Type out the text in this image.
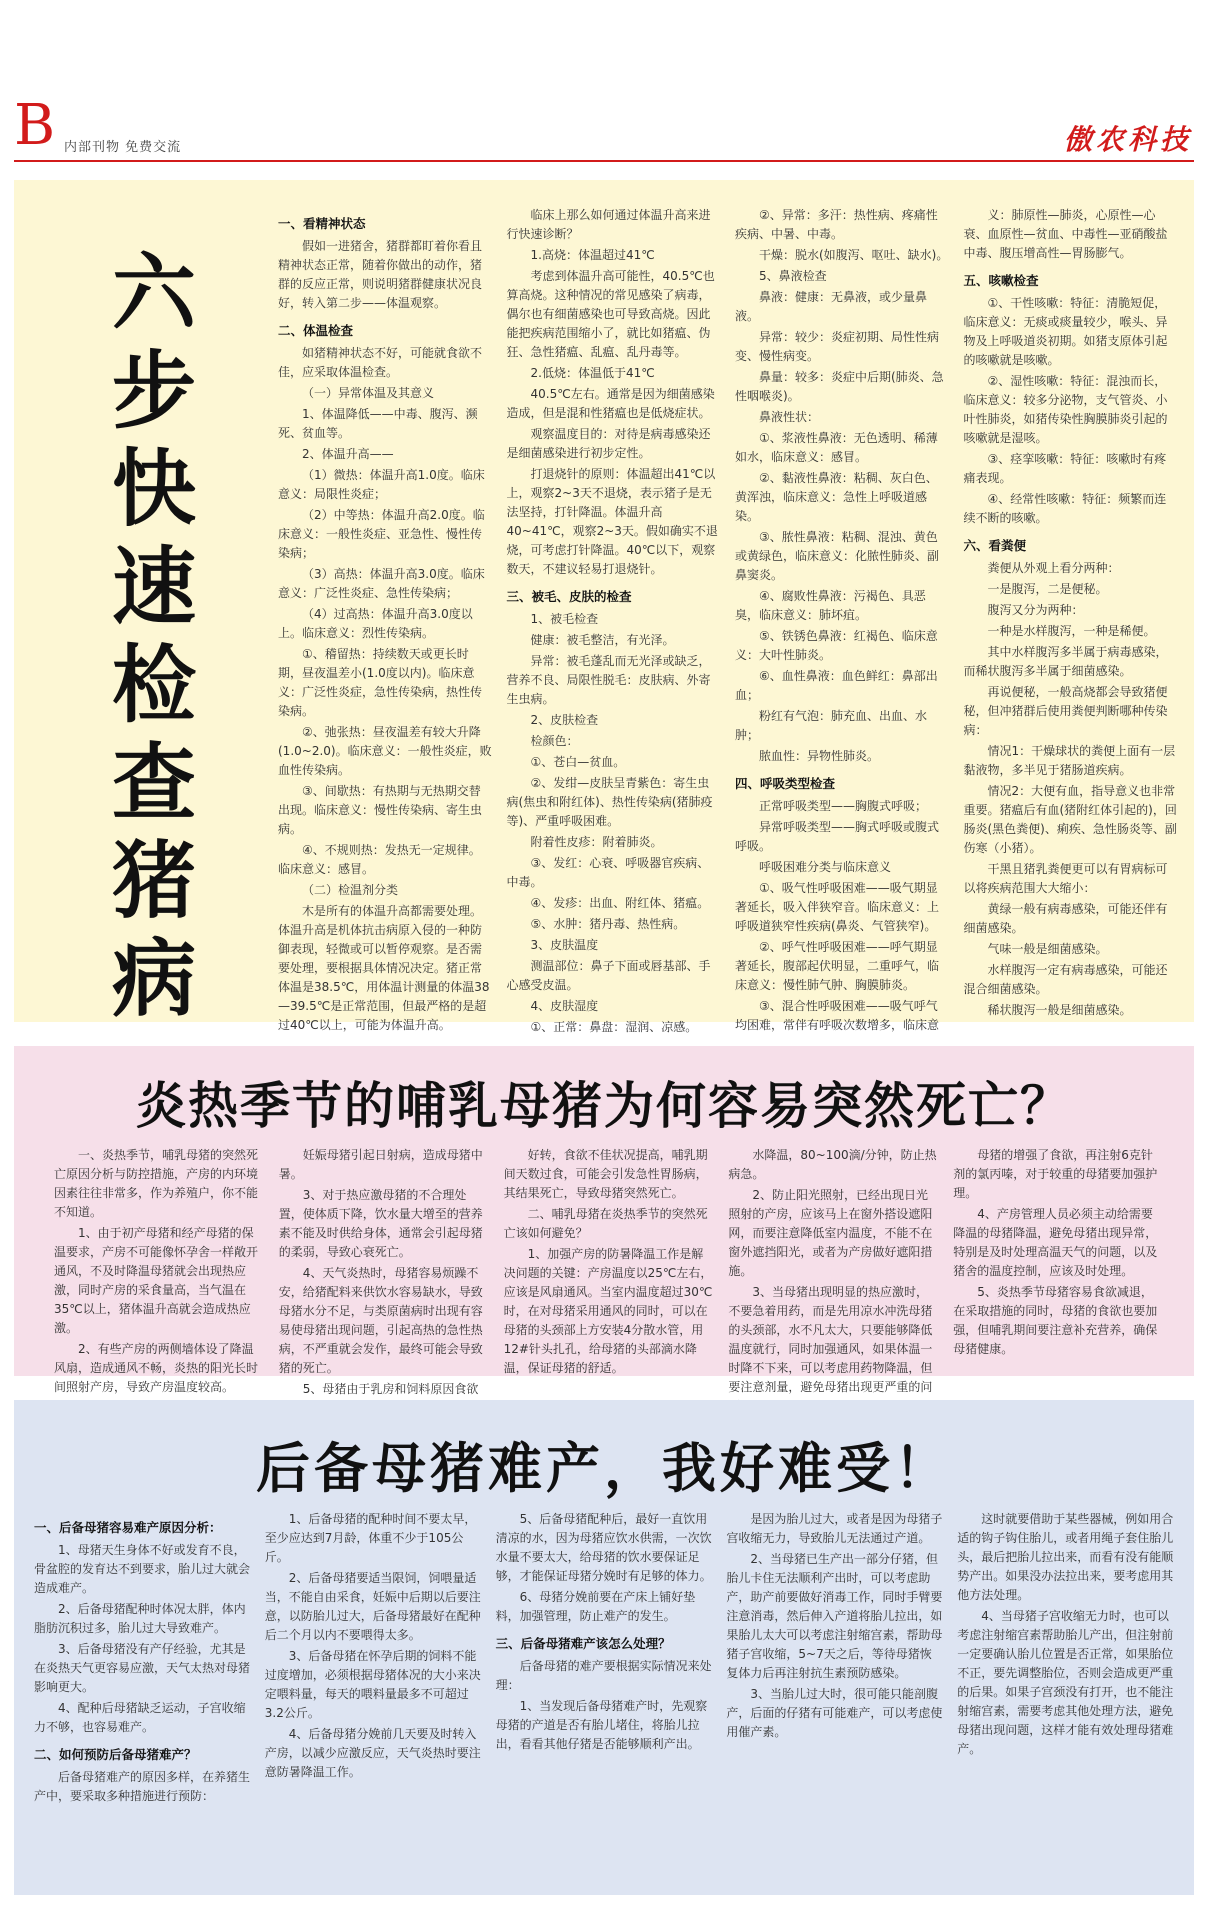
B 内部刊物 免费交流	傲农科技
六步快速检查猪病
一、看精神状态

假如一进猪舍，猪群都盯着你看且精神状态正常，随着你做出的动作，猪群的反应正常，则说明猪群健康状况良好，转入第二步——体温观察。

二、体温检查

如猪精神状态不好，可能就食欲不佳，应采取体温检查。

（一）异常体温及其意义

1、体温降低——中毒、腹泻、濒死、贫血等。

2、体温升高——

（1）微热：体温升高1.0度。临床意义：局限性炎症；

（2）中等热：体温升高2.0度。临床意义：一般性炎症、亚急性、慢性传染病；

（3）高热：体温升高3.0度。临床意义：广泛性炎症、急性传染病；

（4）过高热：体温升高3.0度以上。临床意义：烈性传染病。

①、稽留热：持续数天或更长时期，昼夜温差小(1.0度以内)。临床意义：广泛性炎症，急性传染病，热性传染病。

②、弛张热：昼夜温差有较大升降(1.0~2.0)。临床意义：一般性炎症，败血性传染病。

③、间歇热：有热期与无热期交替出现。临床意义：慢性传染病、寄生虫病。

④、不规则热：发热无一定规律。临床意义：感冒。

（二）检温剂分类

木是所有的体温升高都需要处理。体温升高是机体抗击病原入侵的一种防御表现，轻微或可以暂停观察。是否需要处理，要根据具体情况决定。猪正常体温是38.5℃，用体温计测量的体温38—39.5℃是正常范围，但最严格的是超过40℃以上，可能为体温升高。

临床上那么如何通过体温升高来进行快速诊断？

1.高烧：体温超过41℃

考虑到体温升高可能性，40.5℃也算高烧。这种情况的常见感染了病毒，偶尔也有细菌感染也可导致高烧。因此能把疾病范围缩小了，就比如猪瘟、伪狂、急性猪瘟、乱瘟、乱丹毒等。

2.低烧：体温低于41℃

40.5℃左右。通常是因为细菌感染造成，但是混和性猪瘟也是低烧症状。

观察温度目的：对待是病毒感染还是细菌感染进行初步定性。

打退烧针的原则：体温超出41℃以上，观察2~3天不退烧，表示猪子是无法坚持，打针降温。体温升高40~41℃，观察2~3天。假如确实不退烧，可考虑打针降温。40℃以下，观察数天，不建议轻易打退烧针。

三、被毛、皮肤的检查

1、被毛检查

健康：被毛整洁，有光泽。

异常：被毛蓬乱而无光泽或缺乏，营养不良、局限性脱毛：皮肤病、外寄生虫病。

2、皮肤检查

检颜色：

①、苍白—贫血。

②、发绀—皮肤呈青紫色：寄生虫病(焦虫和附红体)、热性传染病(猪肺疫等)、严重呼吸困难。

附着性皮疹：附着肺炎。

③、发红：心衰、呼吸器官疾病、中毒。

④、发疹：出血、附红体、猪瘟。

⑤、水肿：猪丹毒、热性病。

3、皮肤温度

测温部位：鼻子下面或唇基部、手心感受皮温。

4、皮肤湿度

①、正常：鼻盘：湿润、凉感。

②、异常：多汗：热性病、疼痛性疾病、中暑、中毒。

干燥：脱水(如腹泻、呕吐、缺水)。

5、鼻液检查

鼻液：健康：无鼻液，或少量鼻液。

异常：较少：炎症初期、局性性病变、慢性病变。

鼻量：较多：炎症中后期(肺炎、急性咽喉炎)。

鼻液性状：

①、浆液性鼻液：无色透明、稀薄如水，临床意义：感冒。

②、黏液性鼻液：粘稠、灰白色、黄浑浊，临床意义：急性上呼吸道感染。

③、脓性鼻液：粘稠、混浊、黄色或黄绿色，临床意义：化脓性肺炎、副鼻窦炎。

④、腐败性鼻液：污褐色、具恶臭，临床意义：肺坏疽。

⑤、铁锈色鼻液：红褐色、临床意义：大叶性肺炎。

⑥、血性鼻液：血色鲜红：鼻部出血；

粉红有气泡：肺充血、出血、水肿；

脓血性：异物性肺炎。

四、呼吸类型检查

正常呼吸类型——胸腹式呼吸；

异常呼吸类型——胸式呼吸或腹式呼吸。

呼吸困难分类与临床意义

①、吸气性呼吸困难——吸气期显著延长，吸入伴狭窄音。临床意义：上呼吸道狭窄性疾病(鼻炎、气管狭窄)。

②、呼气性呼吸困难——呼气期显著延长，腹部起伏明显，二重呼气，临床意义：慢性肺气肿、胸膜肺炎。

③、混合性呼吸困难——吸气呼气均困难，常伴有呼吸次数增多，临床意

义：肺原性—肺炎，心原性—心衰、血原性—贫血、中毒性—亚硝酸盐中毒、腹压增高性—胃肠膨气。

五、咳嗽检查

①、干性咳嗽：特征：清脆短促，临床意义：无痰或痰量较少，喉头、异物及上呼吸道炎初期。如猪支原体引起的咳嗽就是咳嗽。

②、湿性咳嗽：特征：混浊而长，临床意义：较多分泌物，支气管炎、小叶性肺炎，如猪传染性胸膜肺炎引起的咳嗽就是湿咳。

③、痉挛咳嗽：特征：咳嗽时有疼痛表现。

④、经常性咳嗽：特征：频繁而连续不断的咳嗽。

六、看粪便

粪便从外观上看分两种：

一是腹泻，二是便秘。

腹泻又分为两种：

一种是水样腹泻，一种是稀便。

其中水样腹泻多半属于病毒感染，而稀状腹泻多半属于细菌感染。

再说便秘，一般高烧都会导致猪便秘，但冲猪群后使用粪便判断哪种传染病：

情况1：干燥球状的粪便上面有一层黏液物，多半见于猪肠道疾病。

情况2：大便有血，指导意义也非常重要。猪瘟后有血(猪附红体引起的)，回肠炎(黑色粪便)、痢疾、急性肠炎等、副伤寒（小猪）。

干黑且猪乳粪便更可以有胃病标可以将疾病范围大大缩小：

黄绿一般有病毒感染，可能还伴有细菌感染。

气味一般是细菌感染。

水样腹泻一定有病毒感染，可能还混合细菌感染。

稀状腹泻一般是细菌感染。

炎热季节的哺乳母猪为何容易突然死亡？

一、炎热季节，哺乳母猪的突然死亡原因分析与防控措施，产房的内环境因素往往非常多，作为养殖户，你不能不知道。

1、由于初产母猪和经产母猪的保温要求，产房不可能像怀孕舍一样敞开通风，不及时降温母猪就会出现热应激，同时产房的采食量高，当气温在35℃以上，猪体温升高就会造成热应激。

2、有些产房的两侧墙体设了降温风扇，造成通风不畅，炎热的阳光长时间照射产房，导致产房温度较高。

妊娠母猪引起日射病，造成母猪中暑。

3、对于热应激母猪的不合理处置，使体质下降，饮水量大增至的营养素不能及时供给身体，通常会引起母猪的柔弱，导致心衰死亡。

4、天气炎热时，母猪容易烦躁不安，给猪配料来供饮水容易缺水，导致母猪水分不足，与类原菌病时出现有容易使母猪出现问题，引起高热的急性热病，不严重就会发作，最终可能会导致猪的死亡。

5、母猪由于乳房和饲料原因食欲

好转，食欲不佳状况提高，哺乳期间天数过食，可能会引发急性胃肠病，其结果死亡，导致母猪突然死亡。

二、哺乳母猪在炎热季节的突然死亡该如何避免？

1、加强产房的防暑降温工作是解决问题的关键：产房温度以25℃左右，应该是风扇通风。当室内温度超过30℃时，在对母猪采用通风的同时，可以在母猪的头颈部上方安装4分散水管，用12#针头扎孔，给母猪的头部滴水降温，保证母猪的舒适。

水降温，80~100滴/分钟，防止热病急。

2、防止阳光照射，已经出现日光照射的产房，应该马上在窗外搭设遮阳网，而要注意降低室内温度，不能不在窗外遮挡阳光，或者为产房做好遮阳措施。

3、当母猪出现明显的热应激时，不要急着用药，而是先用凉水冲洗母猪的头颈部，水不凡太大，只要能够降低温度就行，同时加强通风，如果体温一时降不下来，可以考虑用药物降温，但要注意剂量，避免母猪出现更严重的问

母猪的增强了食欲，再注射6克针剂的氯丙嗪，对于较重的母猪要加强护理。

4、产房管理人员必须主动给需要降温的母猪降温，避免母猪出现异常，特别是及时处理高温天气的问题，以及猪舍的温度控制，应该及时处理。

5、炎热季节母猪容易食欲减退，在采取措施的同时，母猪的食欲也要加强，但哺乳期间要注意补充营养，确保母猪健康。

后备母猪难产，我好难受！
一、后备母猪容易难产原因分析：

1、母猪天生身体不好或发育不良，骨盆腔的发育达不到要求，胎儿过大就会造成难产。

2、后备母猪配种时体况太胖，体内脂肪沉积过多，胎儿过大导致难产。

3、后备母猪没有产仔经验，尤其是在炎热天气更容易应激，天气太热对母猪影响更大。

4、配种后母猪缺乏运动，子宫收缩力不够，也容易难产。

二、如何预防后备母猪难产？

后备母猪难产的原因多样，在养猪生产中，要采取多种措施进行预防：

1、后备母猪的配种时间不要太早，至少应达到7月龄，体重不少于105公斤。

2、后备母猪要适当限饲，饲喂量适当，不能自由采食，妊娠中后期以后要注意，以防胎儿过大，后备母猪最好在配种后二个月以内不要喂得太多。

3、后备母猪在怀孕后期的饲料不能过度增加，必须根据母猪体况的大小来决定喂料量，每天的喂料量最多不可超过3.2公斤。

4、后备母猪分娩前几天要及时转入产房，以减少应激反应，天气炎热时要注意防暑降温工作。

5、后备母猪配种后，最好一直饮用清凉的水，因为母猪应饮水供需，一次饮水量不要太大，给母猪的饮水要保证足够，才能保证母猪分娩时有足够的体力。

6、母猪分娩前要在产床上铺好垫料，加强管理，防止难产的发生。

三、后备母猪难产该怎么处理？

后备母猪的难产要根据实际情况来处理：

1、当发现后备母猪难产时，先观察母猪的产道是否有胎儿堵住，将胎儿拉出，看看其他仔猪是否能够顺利产出。

是因为胎儿过大，或者是因为母猪子宫收缩无力，导致胎儿无法通过产道。

2、当母猪已生产出一部分仔猪，但胎儿卡住无法顺利产出时，可以考虑助产，助产前要做好消毒工作，同时手臂要注意消毒，然后伸入产道将胎儿拉出，如果胎儿太大可以考虑注射缩宫素，帮助母猪子宫收缩，5~7天之后，等待母猪恢复体力后再注射抗生素预防感染。

3、当胎儿过大时，很可能只能剖腹产，后面的仔猪有可能难产，可以考虑使用催产素。

这时就要借助于某些器械，例如用合适的钩子钩住胎儿，或者用绳子套住胎儿头，最后把胎儿拉出来，而看有没有能顺势产出。如果没办法拉出来，要考虑用其他方法处理。

4、当母猪子宫收缩无力时，也可以考虑注射缩宫素帮助胎儿产出，但注射前一定要确认胎儿位置是否正常，如果胎位不正，要先调整胎位，否则会造成更严重的后果。如果子宫颈没有打开，也不能注射缩宫素，需要考虑其他处理方法，避免母猪出现问题，这样才能有效处理母猪难产。
